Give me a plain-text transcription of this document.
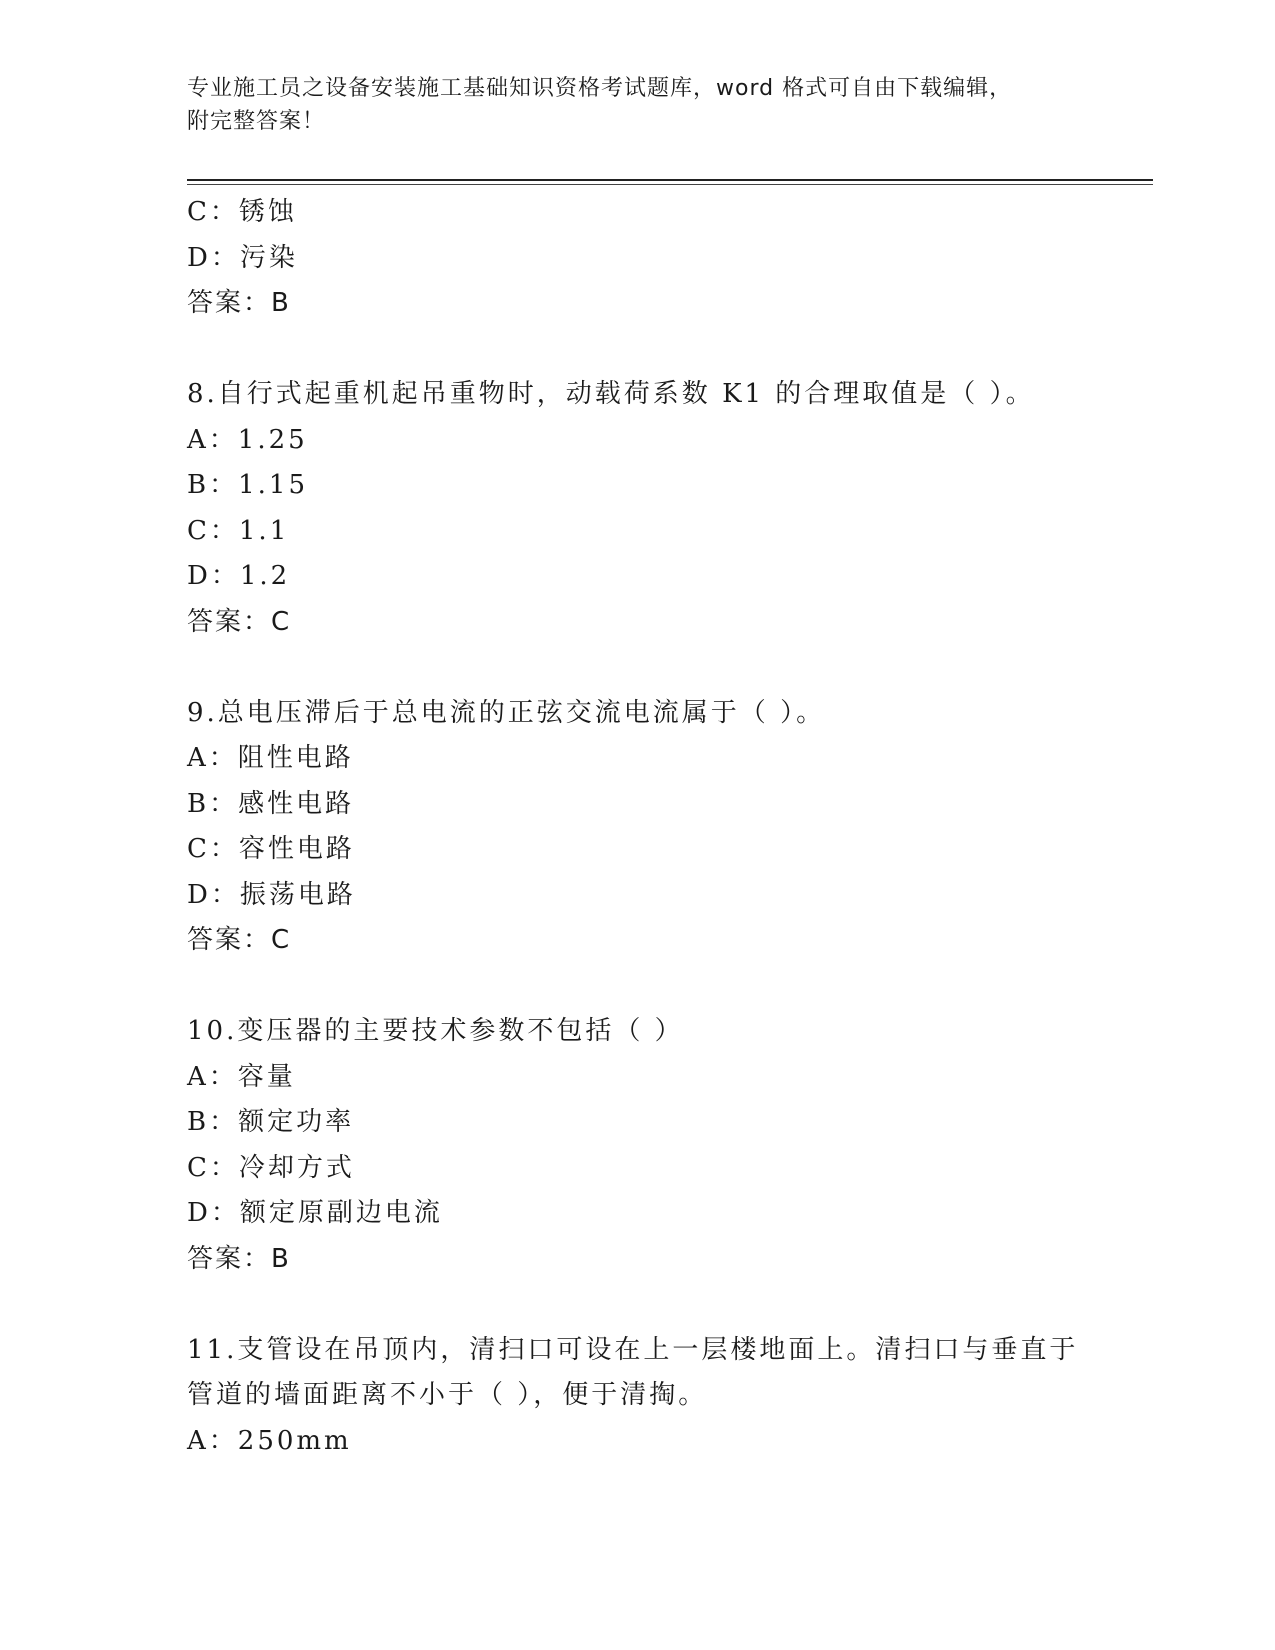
专业施工员之设备安装施工基础知识资格考试题库，word 格式可自由下载编辑，
附完整答案！
C：锈蚀
D：污染
答案：B
8.自行式起重机起吊重物时，动载荷系数 K1 的合理取值是（ ）。
A：1.25
B：1.15
C：1.1
D：1.2
答案：C
9.总电压滞后于总电流的正弦交流电流属于（ ）。
A：阻性电路
B：感性电路
C：容性电路
D：振荡电路
答案：C
10.变压器的主要技术参数不包括（ ）
A：容量
B：额定功率
C：冷却方式
D：额定原副边电流
答案：B
11.支管设在吊顶内，清扫口可设在上一层楼地面上。清扫口与垂直于
管道的墙面距离不小于（ ），便于清掏。
A：250mm
